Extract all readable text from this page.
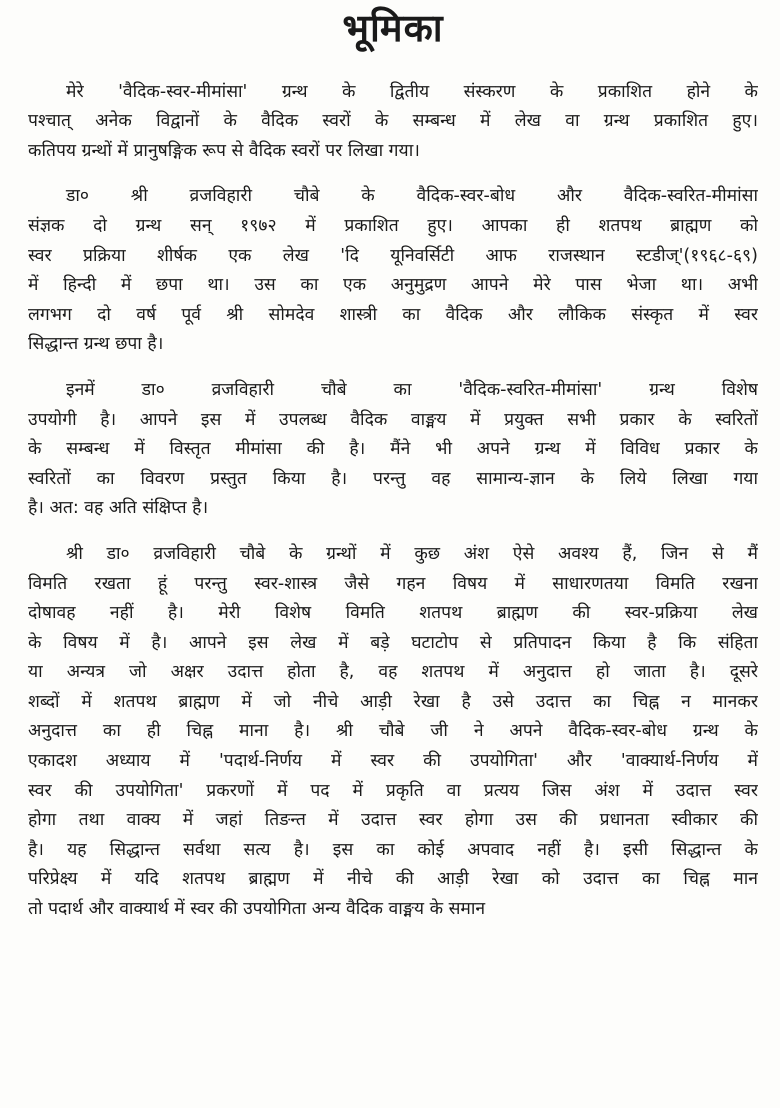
भूमिका
मेरे 'वैदिक-स्वर-मीमांसा' ग्रन्थ के द्वितीय संस्करण के प्रकाशित होने के
पश्चात् अनेक विद्वानों के वैदिक स्वरों के सम्बन्ध में लेख वा ग्रन्थ प्रकाशित हुए।
कतिपय ग्रन्थों में प्रानुषङ्गिक रूप से वैदिक स्वरों पर लिखा गया।
डा० श्री व्रजविहारी चौबे के वैदिक-स्वर-बोध और वैदिक-स्वरित-मीमांसा
संज्ञक दो ग्रन्थ सन् १९७२ में प्रकाशित हुए। आपका ही शतपथ ब्राह्मण को
स्वर प्रक्रिया शीर्षक एक लेख 'दि यूनिवर्सिटी आफ राजस्थान स्टडीज्'(१९६८-६९)
में हिन्दी में छपा था। उस का एक अनुमुद्रण आपने मेरे पास भेजा था। अभी
लगभग दो वर्ष पूर्व श्री सोमदेव शास्त्री का वैदिक और लौकिक संस्कृत में स्वर
सिद्धान्त ग्रन्थ छपा है।
इनमें डा० व्रजविहारी चौबे का 'वैदिक-स्वरित-मीमांसा' ग्रन्थ विशेष
उपयोगी है। आपने इस में उपलब्ध वैदिक वाङ्मय में प्रयुक्त सभी प्रकार के स्वरितों
के सम्बन्ध में विस्तृत मीमांसा की है। मैंने भी अपने ग्रन्थ में विविध प्रकार के
स्वरितों का विवरण प्रस्तुत किया है। परन्तु वह सामान्य-ज्ञान के लिये लिखा गया
है। अत: वह अति संक्षिप्त है।
श्री डा० व्रजविहारी चौबे के ग्रन्थों में कुछ अंश ऐसे अवश्य हैं, जिन से मैं
विमति रखता हूं परन्तु स्वर-शास्त्र जैसे गहन विषय में साधारणतया विमति रखना
दोषावह नहीं है। मेरी विशेष विमति शतपथ ब्राह्मण की स्वर-प्रक्रिया लेख
के विषय में है। आपने इस लेख में बड़े घटाटोप से प्रतिपादन किया है कि संहिता
या अन्यत्र जो अक्षर उदात्त होता है, वह शतपथ में अनुदात्त हो जाता है। दूसरे
शब्दों में शतपथ ब्राह्मण में जो नीचे आड़ी रेखा है उसे उदात्त का चिह्न न मानकर
अनुदात्त का ही चिह्न माना है। श्री चौबे जी ने अपने वैदिक-स्वर-बोध ग्रन्थ के
एकादश अध्याय में 'पदार्थ-निर्णय में स्वर की उपयोगिता' और 'वाक्यार्थ-निर्णय में
स्वर की उपयोगिता' प्रकरणों में पद में प्रकृति वा प्रत्यय जिस अंश में उदात्त स्वर
होगा तथा वाक्य में जहां तिङन्त में उदात्त स्वर होगा उस की प्रधानता स्वीकार की
है। यह सिद्धान्त सर्वथा सत्य है। इस का कोई अपवाद नहीं है। इसी सिद्धान्त के
परिप्रेक्ष्य में यदि शतपथ ब्राह्मण में नीचे की आड़ी रेखा को उदात्त का चिह्न मान
तो पदार्थ और वाक्यार्थ में स्वर की उपयोगिता अन्य वैदिक वाङ्मय के समान
